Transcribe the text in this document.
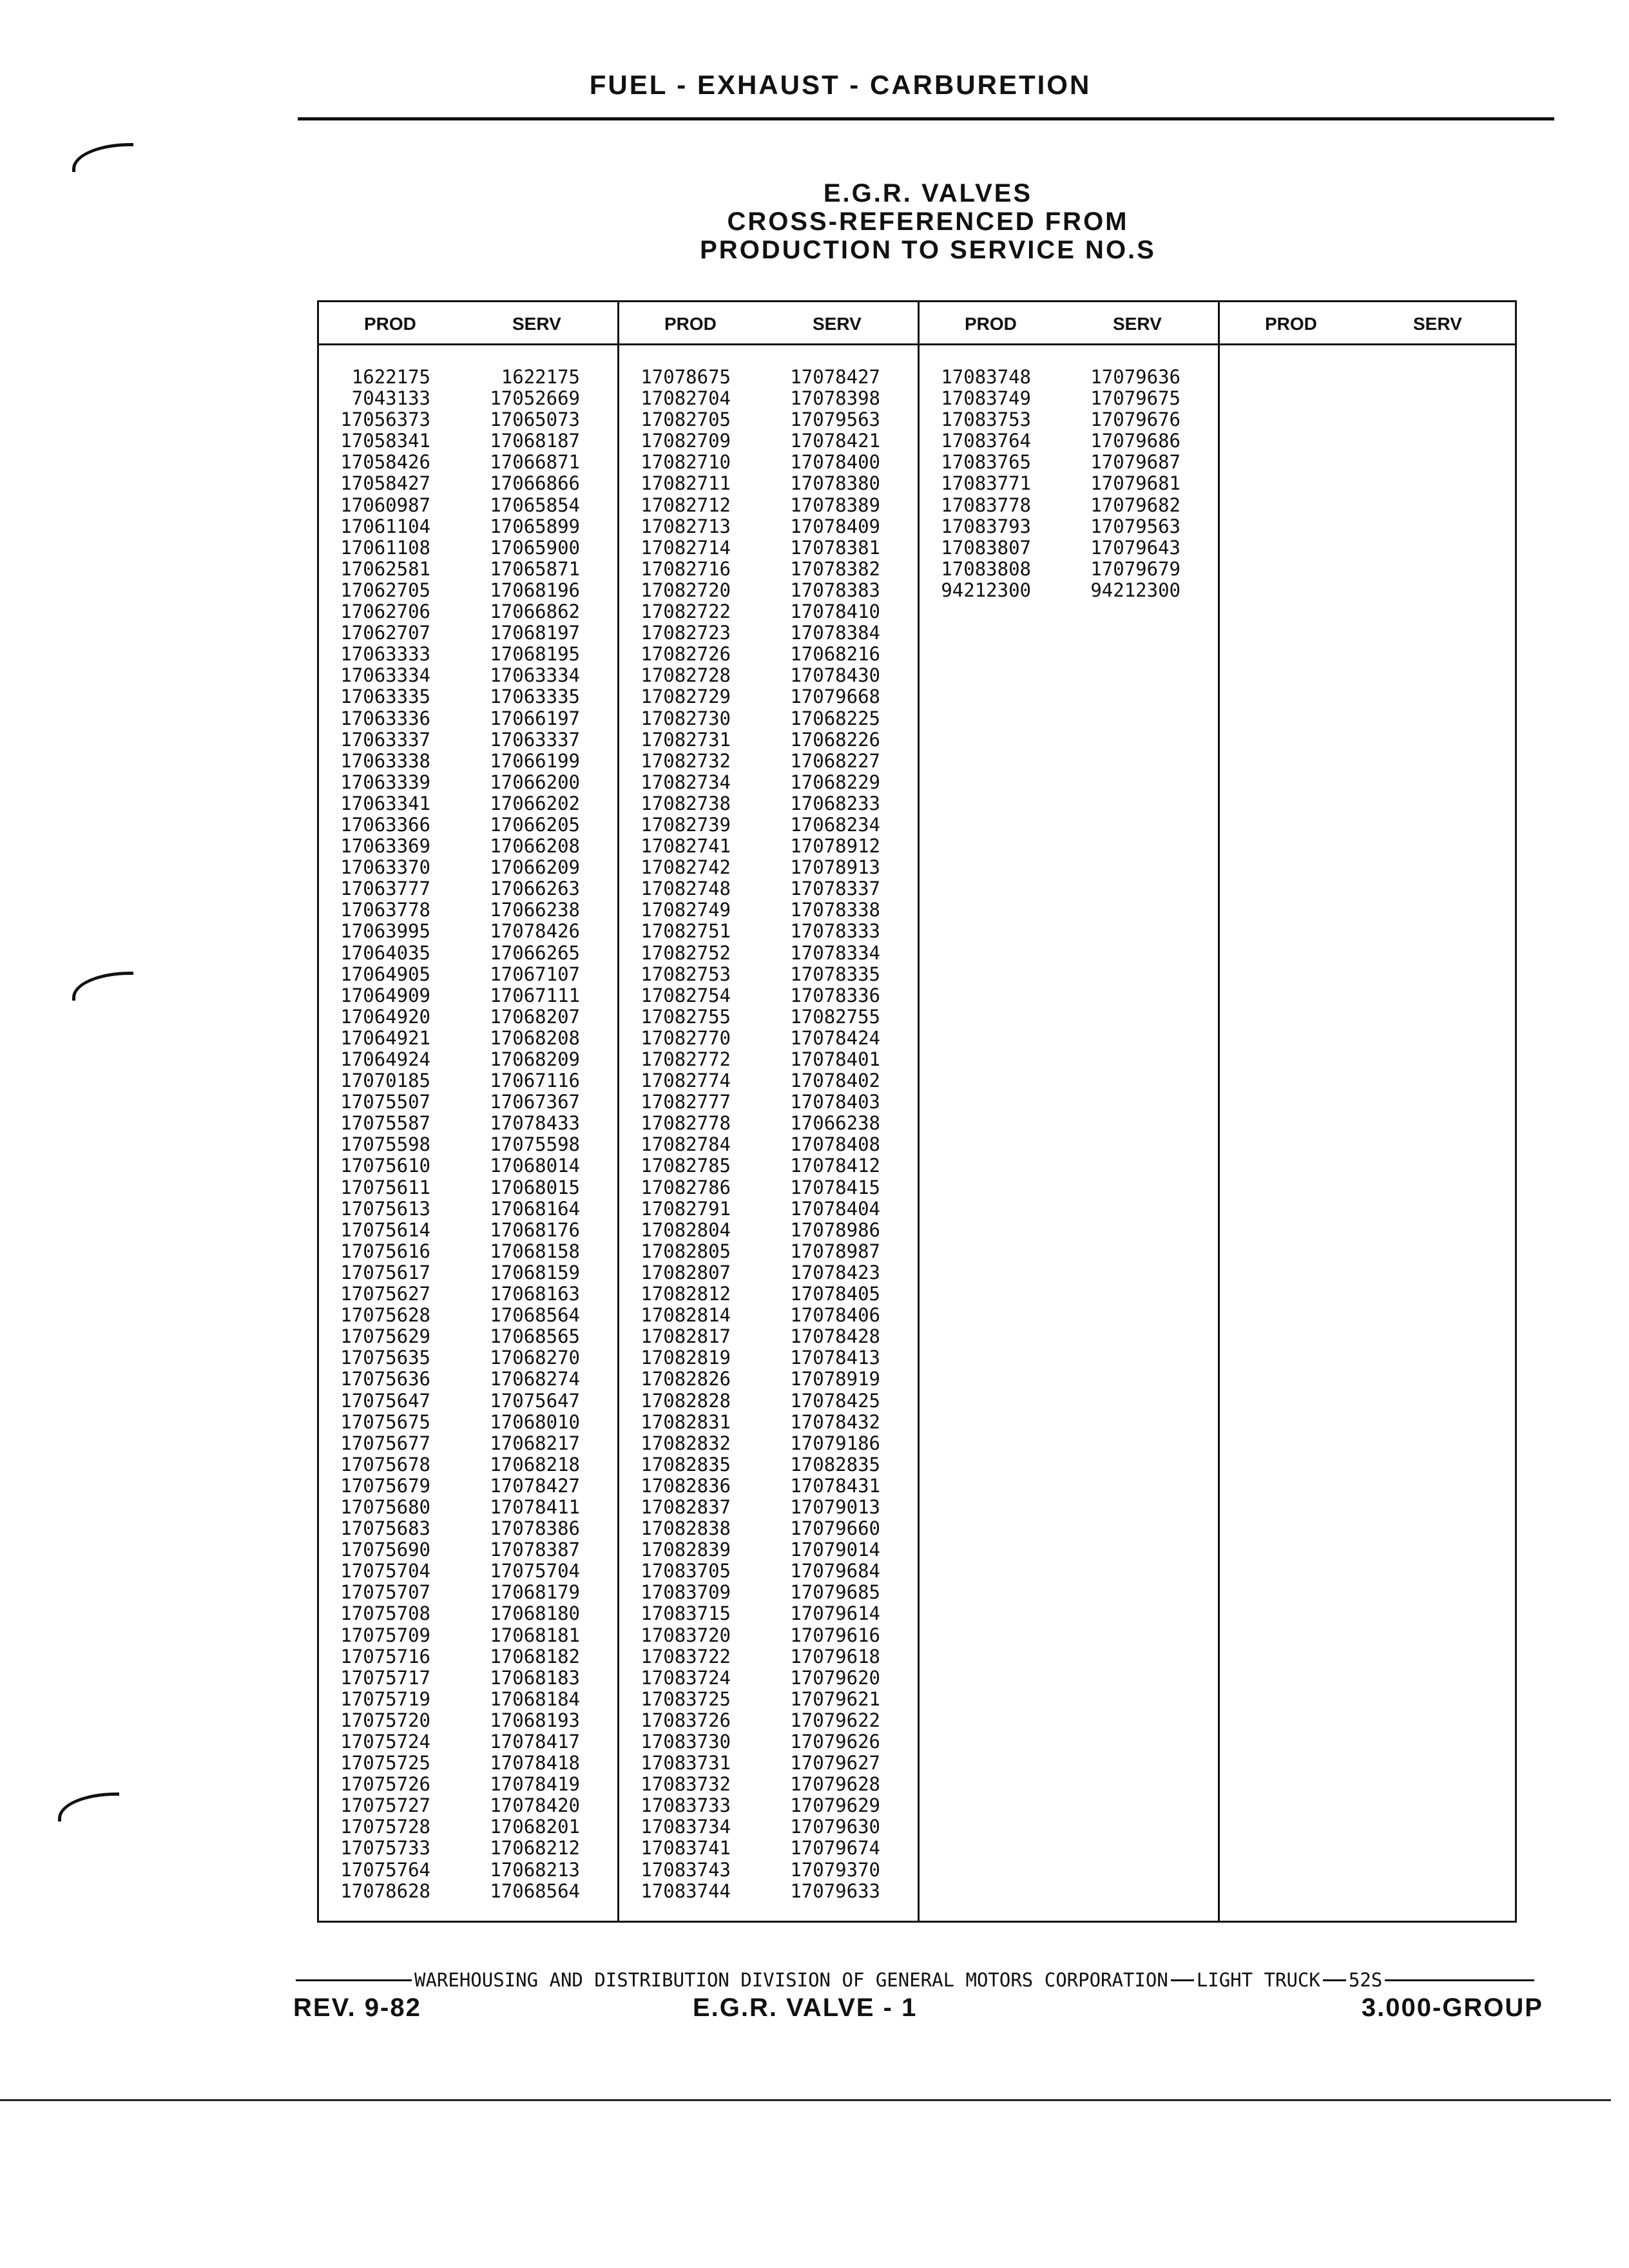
FUEL - EXHAUST - CARBURETION
E.G.R. VALVES
CROSS-REFERENCED FROM
PRODUCTION TO SERVICE NO.S
PROD	SERV
1622175	1622175
7043133	17052669
17056373	17065073
17058341	17068187
17058426	17066871
17058427	17066866
17060987	17065854
17061104	17065899
17061108	17065900
17062581	17065871
17062705	17068196
17062706	17066862
17062707	17068197
17063333	17068195
17063334	17063334
17063335	17063335
17063336	17066197
17063337	17063337
17063338	17066199
17063339	17066200
17063341	17066202
17063366	17066205
17063369	17066208
17063370	17066209
17063777	17066263
17063778	17066238
17063995	17078426
17064035	17066265
17064905	17067107
17064909	17067111
17064920	17068207
17064921	17068208
17064924	17068209
17070185	17067116
17075507	17067367
17075587	17078433
17075598	17075598
17075610	17068014
17075611	17068015
17075613	17068164
17075614	17068176
17075616	17068158
17075617	17068159
17075627	17068163
17075628	17068564
17075629	17068565
17075635	17068270
17075636	17068274
17075647	17075647
17075675	17068010
17075677	17068217
17075678	17068218
17075679	17078427
17075680	17078411
17075683	17078386
17075690	17078387
17075704	17075704
17075707	17068179
17075708	17068180
17075709	17068181
17075716	17068182
17075717	17068183
17075719	17068184
17075720	17068193
17075724	17078417
17075725	17078418
17075726	17078419
17075727	17078420
17075728	17068201
17075733	17068212
17075764	17068213
17078628	17068564
PROD	SERV
17078675	17078427
17082704	17078398
17082705	17079563
17082709	17078421
17082710	17078400
17082711	17078380
17082712	17078389
17082713	17078409
17082714	17078381
17082716	17078382
17082720	17078383
17082722	17078410
17082723	17078384
17082726	17068216
17082728	17078430
17082729	17079668
17082730	17068225
17082731	17068226
17082732	17068227
17082734	17068229
17082738	17068233
17082739	17068234
17082741	17078912
17082742	17078913
17082748	17078337
17082749	17078338
17082751	17078333
17082752	17078334
17082753	17078335
17082754	17078336
17082755	17082755
17082770	17078424
17082772	17078401
17082774	17078402
17082777	17078403
17082778	17066238
17082784	17078408
17082785	17078412
17082786	17078415
17082791	17078404
17082804	17078986
17082805	17078987
17082807	17078423
17082812	17078405
17082814	17078406
17082817	17078428
17082819	17078413
17082826	17078919
17082828	17078425
17082831	17078432
17082832	17079186
17082835	17082835
17082836	17078431
17082837	17079013
17082838	17079660
17082839	17079014
17083705	17079684
17083709	17079685
17083715	17079614
17083720	17079616
17083722	17079618
17083724	17079620
17083725	17079621
17083726	17079622
17083730	17079626
17083731	17079627
17083732	17079628
17083733	17079629
17083734	17079630
17083741	17079674
17083743	17079370
17083744	17079633
PROD	SERV
17083748	17079636
17083749	17079675
17083753	17079676
17083764	17079686
17083765	17079687
17083771	17079681
17083778	17079682
17083793	17079563
17083807	17079643
17083808	17079679
94212300	94212300
PROD	SERV
WAREHOUSING AND DISTRIBUTION DIVISION OF GENERAL MOTORS CORPORATION LIGHT TRUCK 52S
REV. 9-82	E.G.R. VALVE - 1	3.000-GROUP
